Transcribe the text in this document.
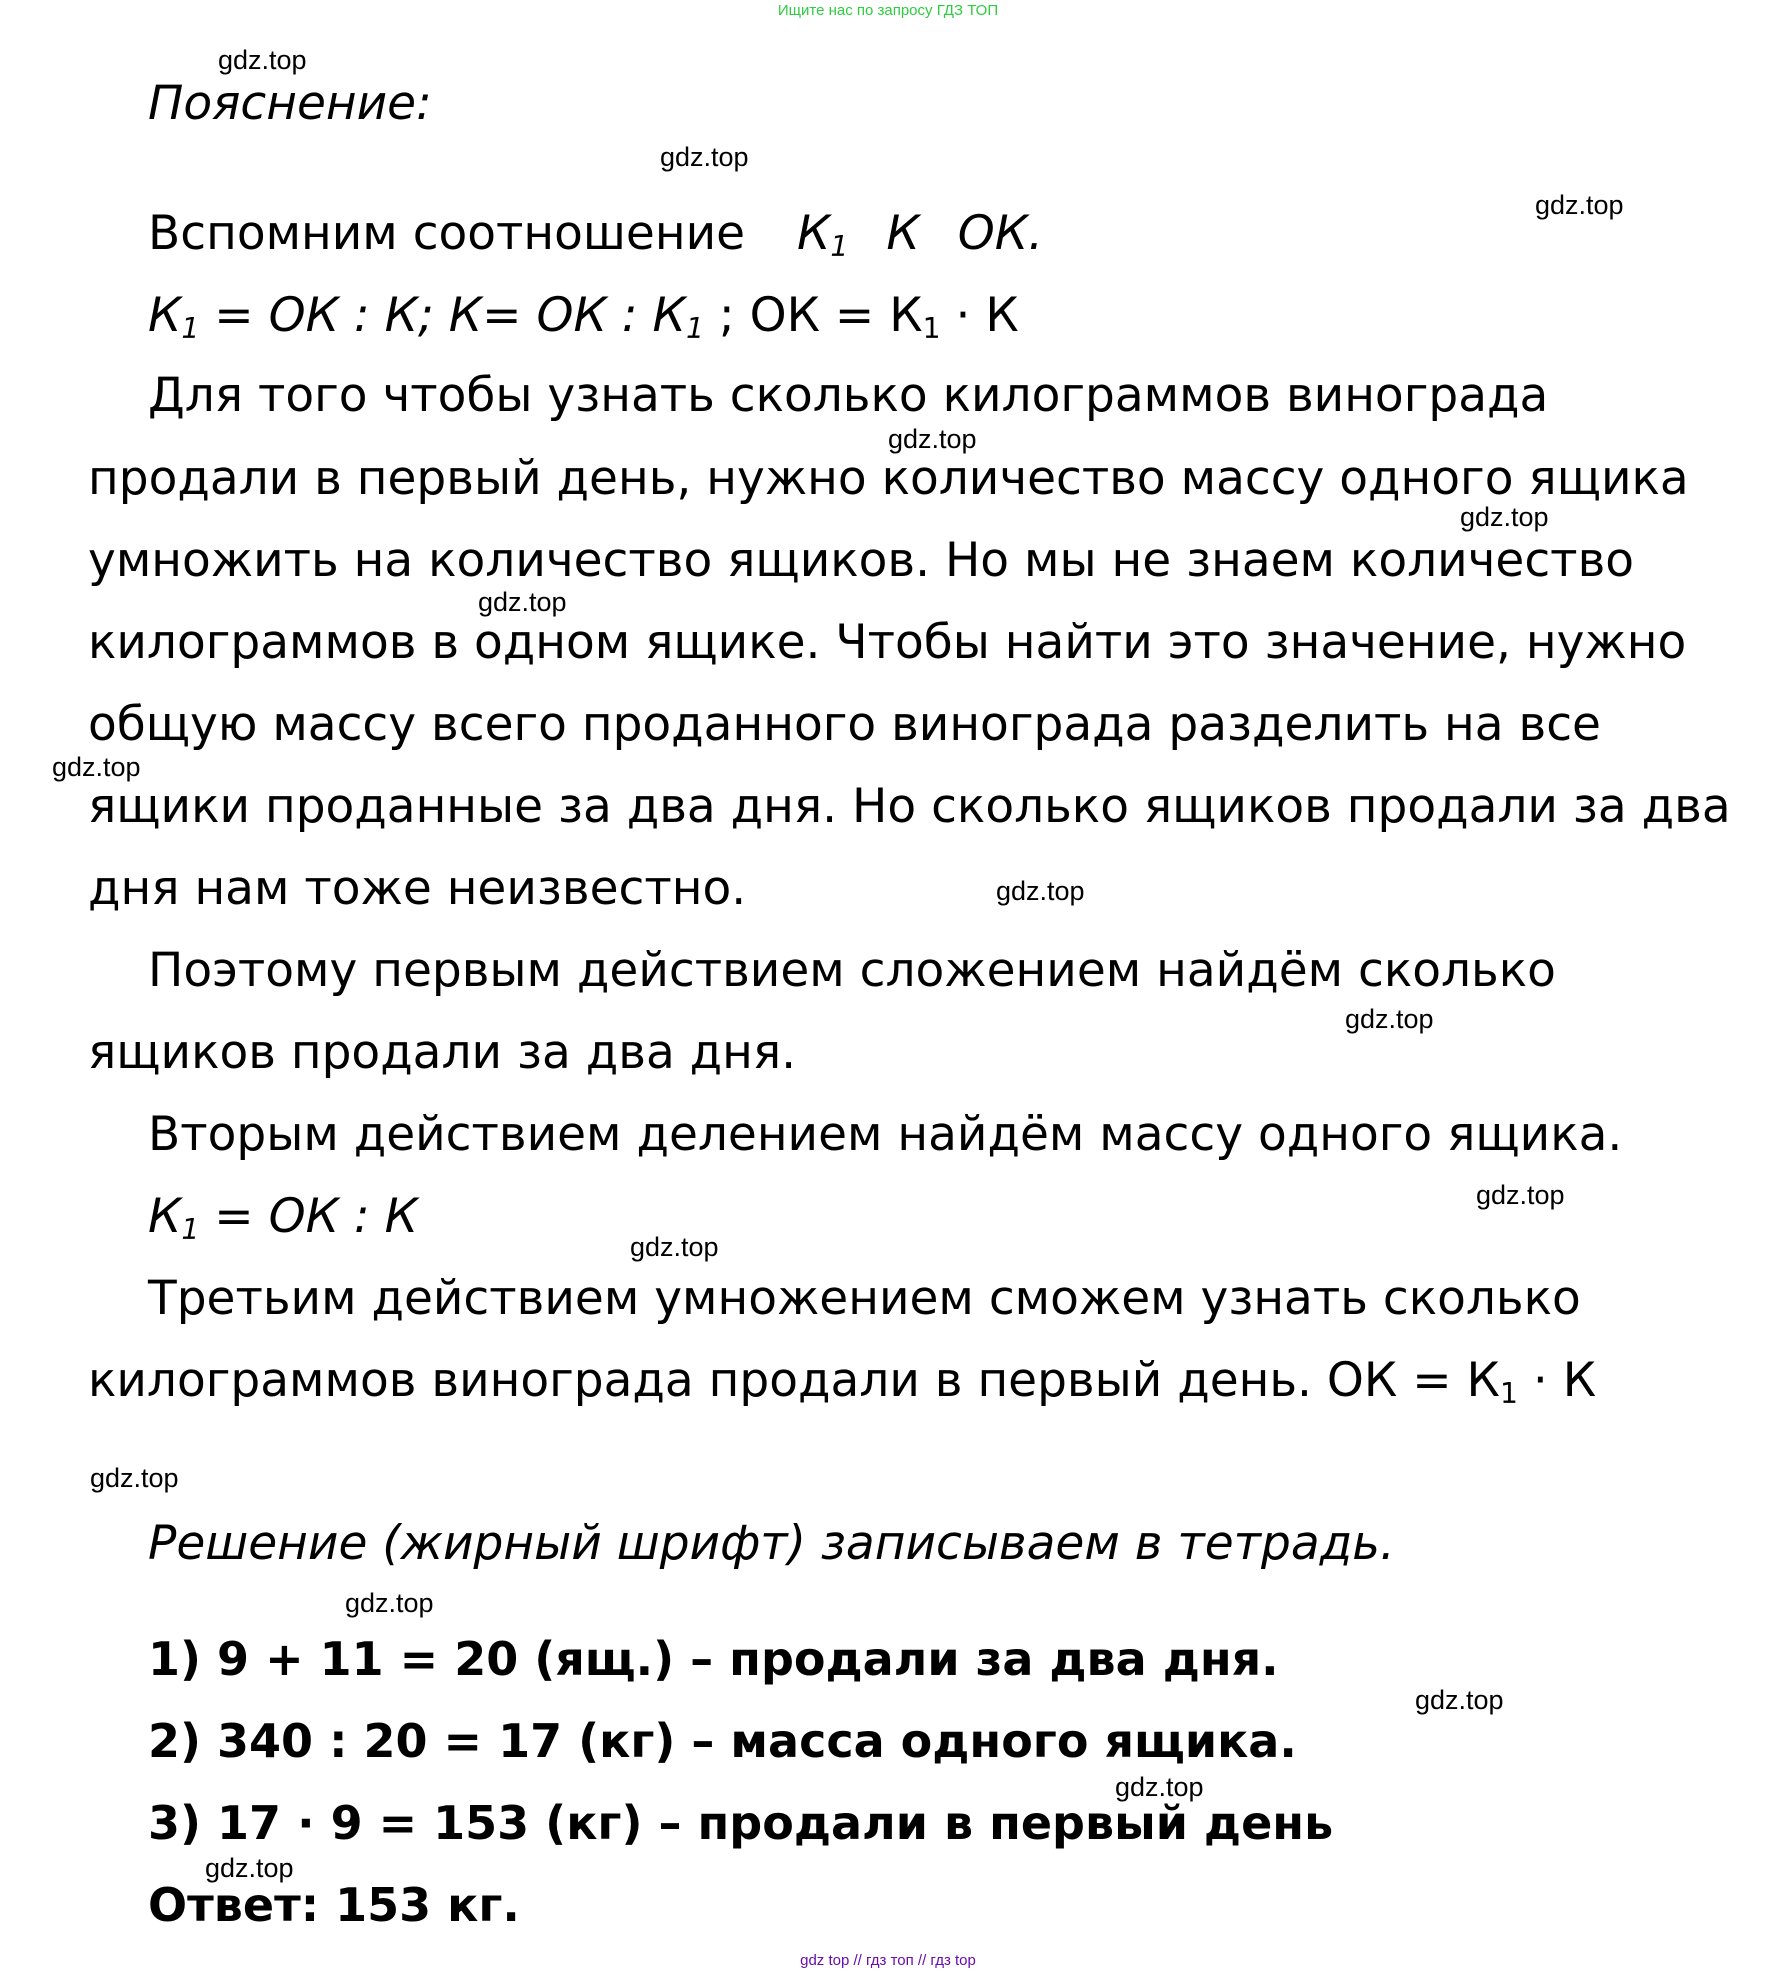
Ищите нас по запросу ГДЗ ТОП
gdz.top
gdz.top
gdz.top
gdz.top
gdz.top
gdz.top
gdz.top
gdz.top
gdz.top
gdz.top
gdz.top
gdz.top
gdz.top
gdz.top
gdz.top
gdz.top
Пояснение:
Вспомним соотношение $К_1$ К ОК.
$К_1$ = ОК : К; К= ОК : $К_1$ ; ОК = $К_1 \cdot К$
Для того чтобы узнать сколько килограммов винограда
продали в первый день, нужно количество массу одного ящика
умножить на количество ящиков. Но мы не знаем количество
килограммов в одном ящике. Чтобы найти это значение, нужно
общую массу всего проданного винограда разделить на все
ящики проданные за два дня. Но сколько ящиков продали за два
дня нам тоже неизвестно.
Поэтому первым действием сложением найдём сколько
ящиков продали за два дня.
Вторым действием делением найдём массу одного ящика.
$К_1$ = ОК : К
Третьим действием умножением сможем узнать сколько
килограммов винограда продали в первый день. ОК = $К_1 \cdot К$
Решение (жирный шрифт) записываем в тетрадь.
1) 9 + 11 = 20 (ящ.) – продали за два дня.
2) 340 : 20 = 17 (кг) – масса одного ящика.
3) 17 · 9 = 153 (кг) – продали в первый день
Ответ: 153 кг.
gdz top // гдз топ // гдз top
